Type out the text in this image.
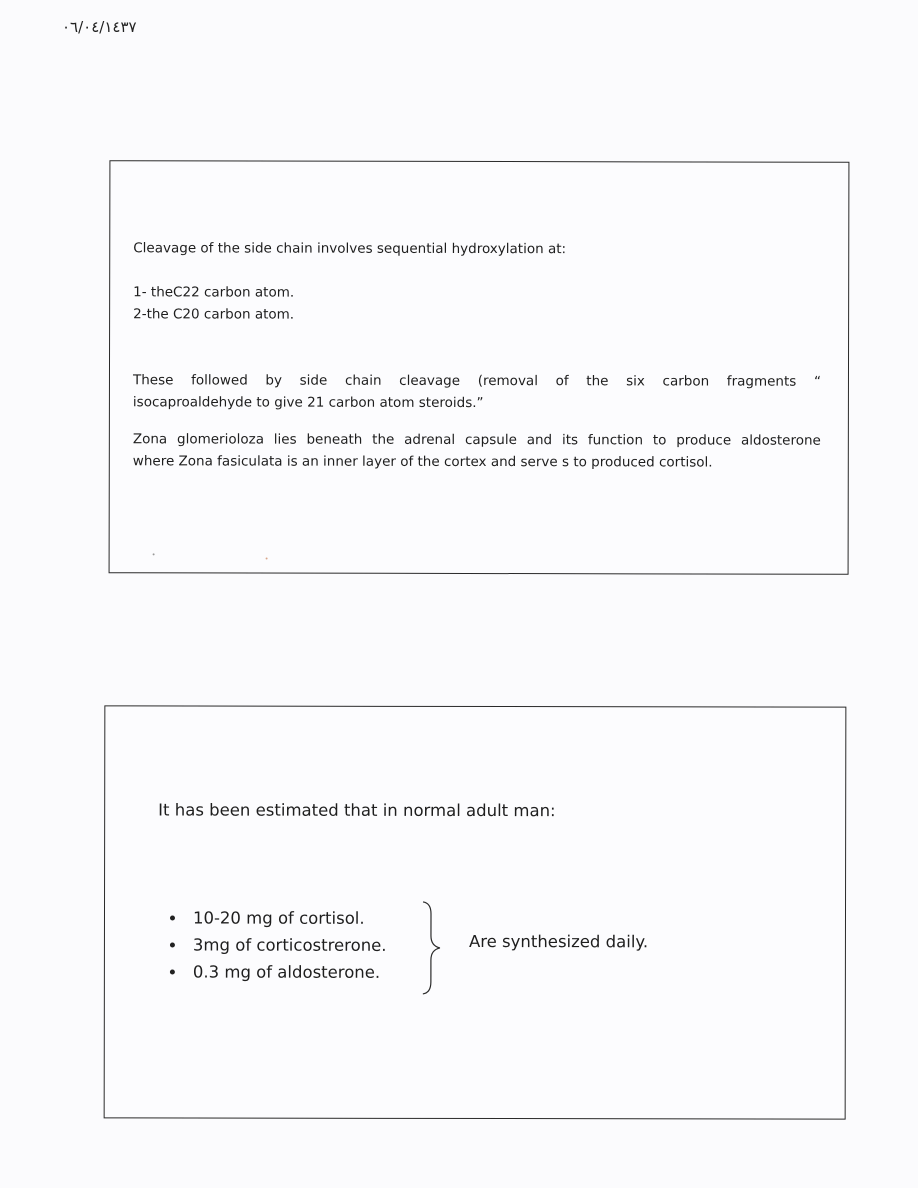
٠٦/٠٤/١٤٣٧

Cleavage of the side chain involves sequential hydroxylation at:

1- theC22 carbon atom.

2-the C20 carbon atom.

These followed by side chain cleavage (removal of the six carbon fragments “

isocaproaldehyde to give 21 carbon atom steroids.”

Zona glomerioloza lies beneath the adrenal capsule and its function to produce aldosterone

where Zona fasiculata is an inner layer of the cortex and serve s to produced cortisol.

It has been estimated that in normal adult man:

10-20 mg of cortisol.
3mg of corticostrerone.
0.3 mg of aldosterone.
Are synthesized daily.
